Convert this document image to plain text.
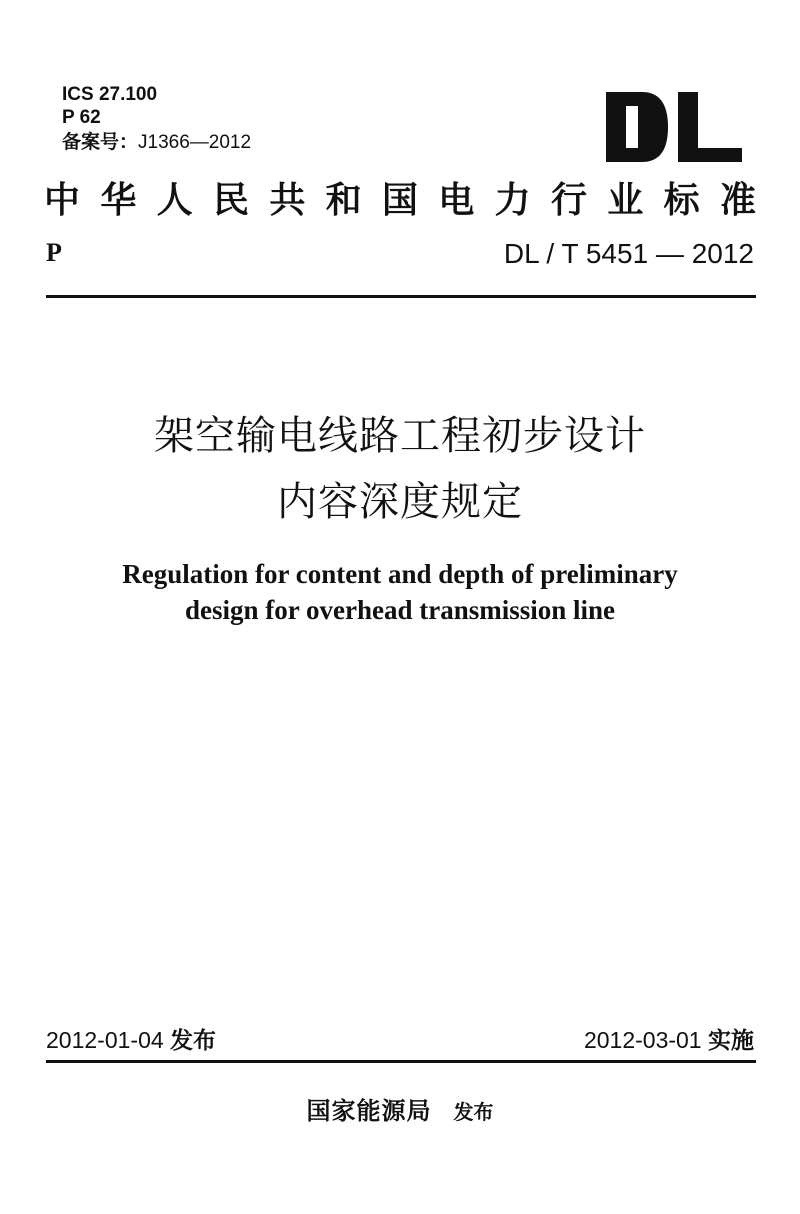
ICS 27.100
P 62
备案号：J1366—2012
中 华 人 民 共 和 国 电 力 行 业 标 准
P	DL / T 5451 — 2012
架空输电线路工程初步设计
内容深度规定
Regulation for content and depth of preliminary
design for overhead transmission line
2012-01-04 发布	2012-03-01 实施
国家能源局 发布
